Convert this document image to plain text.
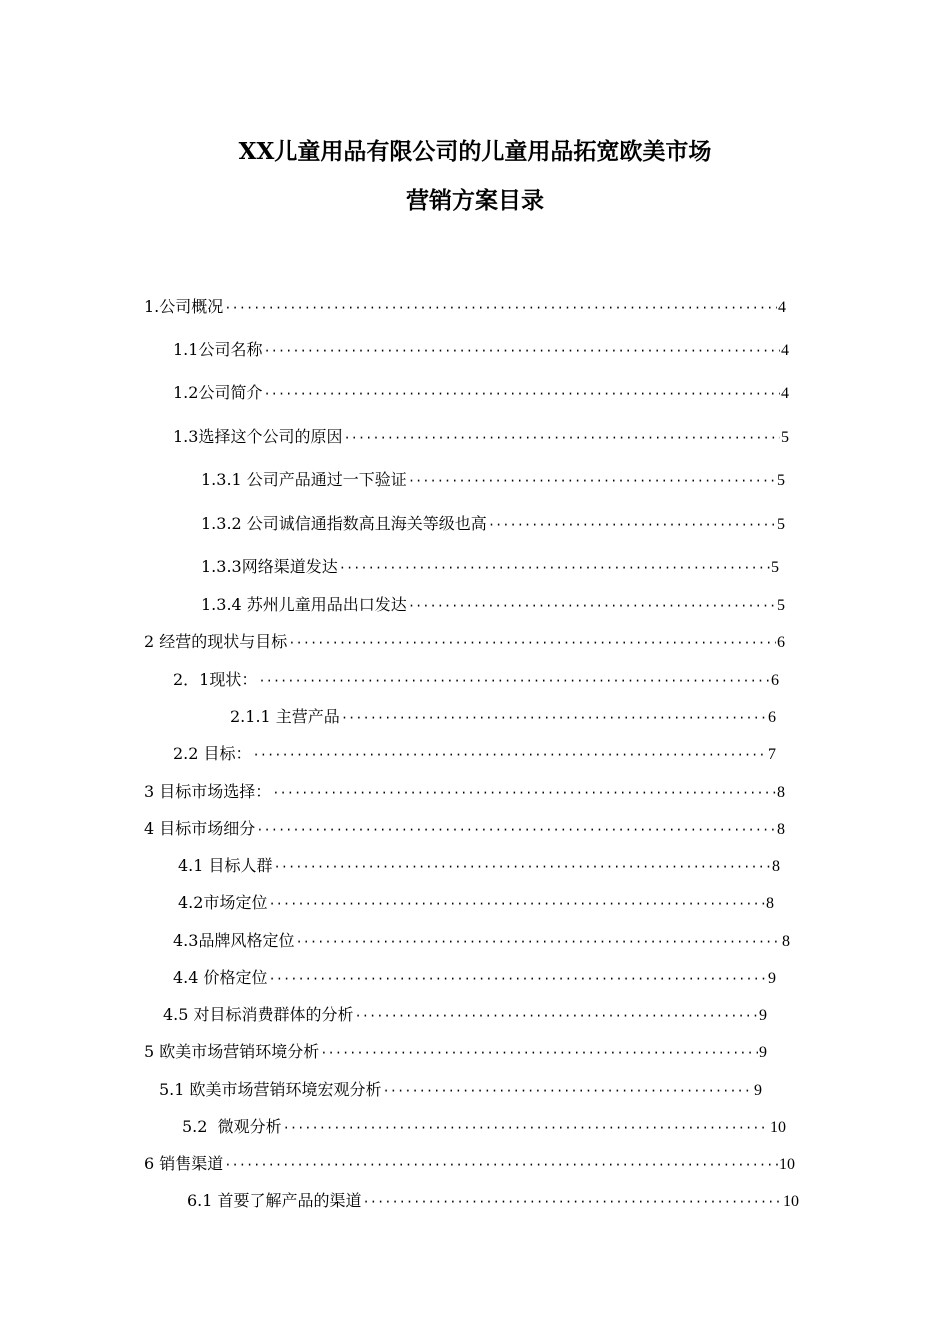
XX儿童用品有限公司的儿童用品拓宽欧美市场
营销方案目录
1.公司概况 ·····	4
1.1公司名称 ·····	4
1.2公司简介 ·····	4
1.3选择这个公司的原因 ·····	5
1.3.1 公司产品通过一下验证 ·····	5
1.3.2 公司诚信通指数高且海关等级也高 ·····	5
1.3.3网络渠道发达 ·····	5
1.3.4 苏州儿童用品出口发达 ·····	5
2 经营的现状与目标 ·····	6
2．1现状： ·····	6
2.1.1 主营产品 ·····	6
2.2 目标： ·····	7
3 目标市场选择： ·····	8
4 目标市场细分 ·····	8
4.1 目标人群 ·····	8
4.2市场定位 ·····	8
4.3品牌风格定位 ·····	8
4.4 价格定位 ·····	9
4.5 对目标消费群体的分析 ·····	9
5 欧美市场营销环境分析 ·····	9
5.1 欧美市场营销环境宏观分析 ·····	9
5.2  微观分析 ·····	10
6 销售渠道 ·····	10
6.1 首要了解产品的渠道 ·····	10
